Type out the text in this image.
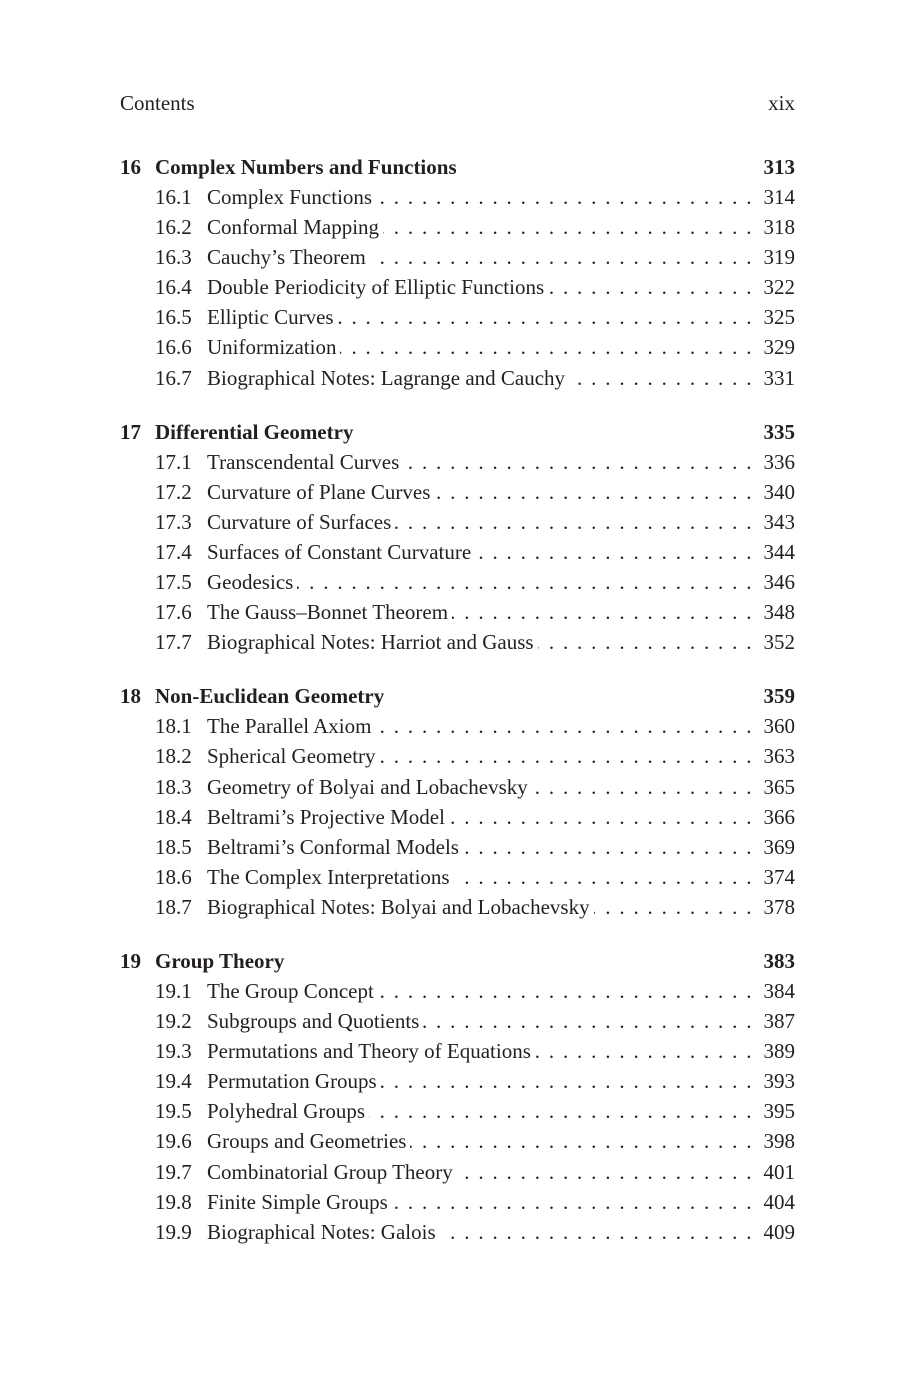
Contents	xix
16 Complex Numbers and Functions	313
16.1 Complex Functions . . .	314
16.2 Conformal Mapping . . .	318
16.3 Cauchy’s Theorem . . .	319
16.4 Double Periodicity of Elliptic Functions . . .	322
16.5 Elliptic Curves . . .	325
16.6 Uniformization . . .	329
16.7 Biographical Notes: Lagrange and Cauchy . . .	331
17 Differential Geometry	335
17.1 Transcendental Curves . . .	336
17.2 Curvature of Plane Curves . . .	340
17.3 Curvature of Surfaces . . .	343
17.4 Surfaces of Constant Curvature . . .	344
17.5 Geodesics . . .	346
17.6 The Gauss–Bonnet Theorem . . .	348
17.7 Biographical Notes: Harriot and Gauss . . .	352
18 Non-Euclidean Geometry	359
18.1 The Parallel Axiom . . .	360
18.2 Spherical Geometry . . .	363
18.3 Geometry of Bolyai and Lobachevsky . . .	365
18.4 Beltrami’s Projective Model . . .	366
18.5 Beltrami’s Conformal Models . . .	369
18.6 The Complex Interpretations . . .	374
18.7 Biographical Notes: Bolyai and Lobachevsky . . .	378
19 Group Theory	383
19.1 The Group Concept . . .	384
19.2 Subgroups and Quotients . . .	387
19.3 Permutations and Theory of Equations . . .	389
19.4 Permutation Groups . . .	393
19.5 Polyhedral Groups . . .	395
19.6 Groups and Geometries . . .	398
19.7 Combinatorial Group Theory . . .	401
19.8 Finite Simple Groups . . .	404
19.9 Biographical Notes: Galois . . .	409
